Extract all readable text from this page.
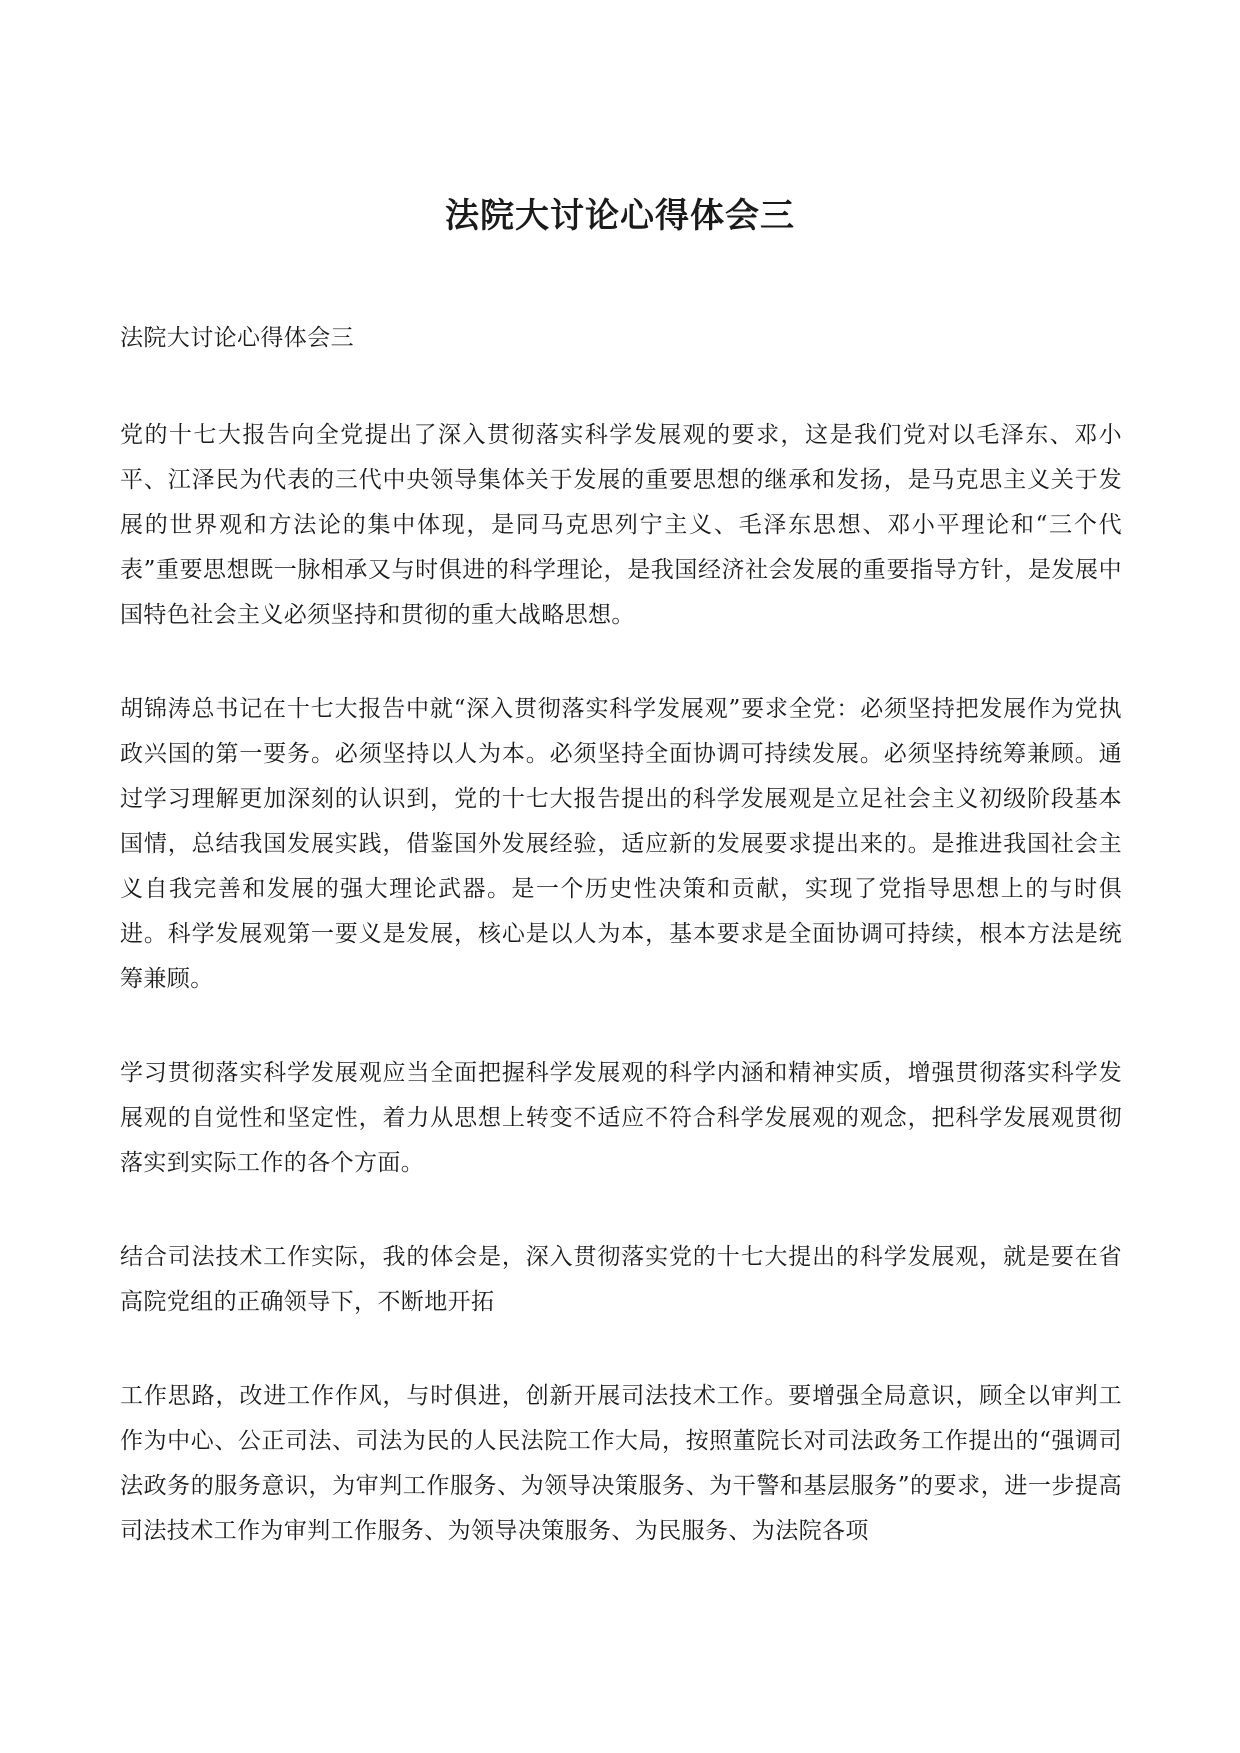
法院大讨论心得体会三

法院大讨论心得体会三

党的十七大报告向全党提出了深入贯彻落实科学发展观的要求，这是我们党对以毛泽东、邓小平、江泽民为代表的三代中央领导集体关于发展的重要思想的继承和发扬，是马克思主义关于发展的世界观和方法论的集中体现，是同马克思列宁主义、毛泽东思想、邓小平理论和“三个代表”重要思想既一脉相承又与时俱进的科学理论，是我国经济社会发展的重要指导方针，是发展中国特色社会主义必须坚持和贯彻的重大战略思想。

胡锦涛总书记在十七大报告中就“深入贯彻落实科学发展观”要求全党：必须坚持把发展作为党执政兴国的第一要务。必须坚持以人为本。必须坚持全面协调可持续发展。必须坚持统筹兼顾。通过学习理解更加深刻的认识到，党的十七大报告提出的科学发展观是立足社会主义初级阶段基本国情，总结我国发展实践，借鉴国外发展经验，适应新的发展要求提出来的。是推进我国社会主义自我完善和发展的强大理论武器。是一个历史性决策和贡献，实现了党指导思想上的与时俱进。科学发展观第一要义是发展，核心是以人为本，基本要求是全面协调可持续，根本方法是统筹兼顾。

学习贯彻落实科学发展观应当全面把握科学发展观的科学内涵和精神实质，增强贯彻落实科学发展观的自觉性和坚定性，着力从思想上转变不适应不符合科学发展观的观念，把科学发展观贯彻落实到实际工作的各个方面。

结合司法技术工作实际，我的体会是，深入贯彻落实党的十七大提出的科学发展观，就是要在省高院党组的正确领导下，不断地开拓

工作思路，改进工作作风，与时俱进，创新开展司法技术工作。要增强全局意识，顾全以审判工作为中心、公正司法、司法为民的人民法院工作大局，按照董院长对司法政务工作提出的“强调司法政务的服务意识，为审判工作服务、为领导决策服务、为干警和基层服务”的要求，进一步提高司法技术工作为审判工作服务、为领导决策服务、为民服务、为法院各项
